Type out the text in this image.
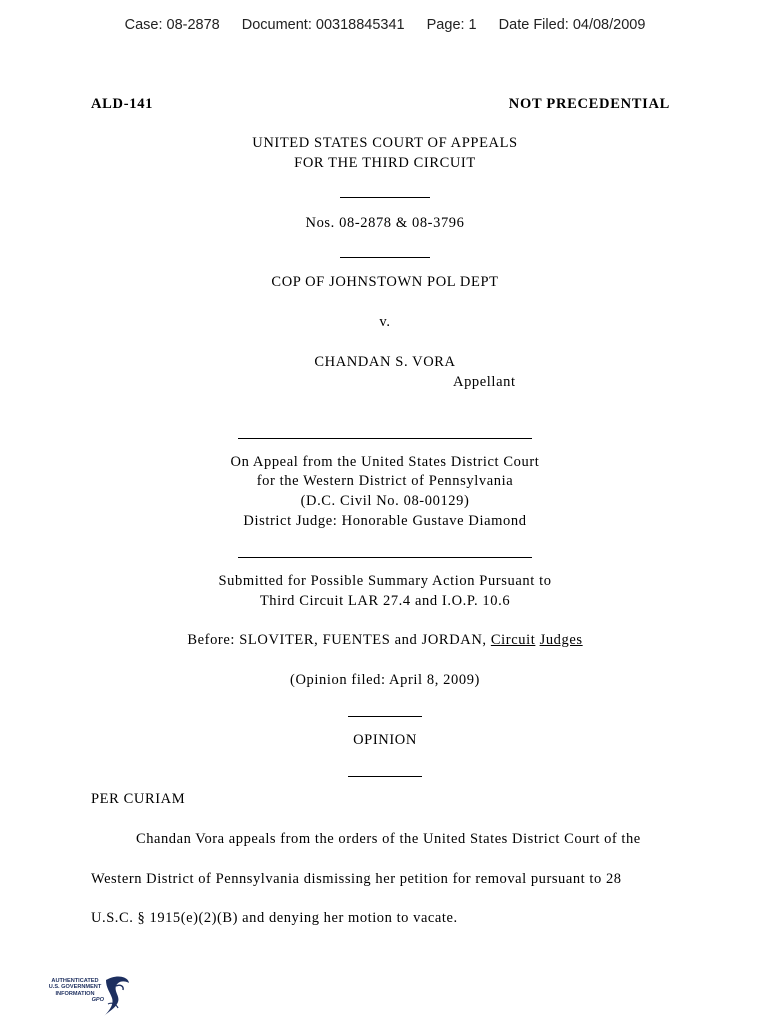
Case: 08-2878 Document: 00318845341 Page: 1 Date Filed: 04/08/2009
ALD-141	NOT PRECEDENTIAL
UNITED STATES COURT OF APPEALS
FOR THE THIRD CIRCUIT
Nos. 08-2878 & 08-3796
COP OF JOHNSTOWN POL DEPT
v.
CHANDAN S. VORA
Appellant
On Appeal from the United States District Court
for the Western District of Pennsylvania
(D.C. Civil No. 08-00129)
District Judge: Honorable Gustave Diamond
Submitted for Possible Summary Action Pursuant to
Third Circuit LAR 27.4 and I.O.P. 10.6
Before: SLOVITER, FUENTES and JORDAN, Circuit Judges
(Opinion filed: April 8, 2009)
OPINION
PER CURIAM
Chandan Vora appeals from the orders of the United States District Court of the
Western District of Pennsylvania dismissing her petition for removal pursuant to 28
U.S.C. § 1915(e)(2)(B) and denying her motion to vacate.
AUTHENTICATED
U.S. GOVERNMENT
INFORMATION
GPO
